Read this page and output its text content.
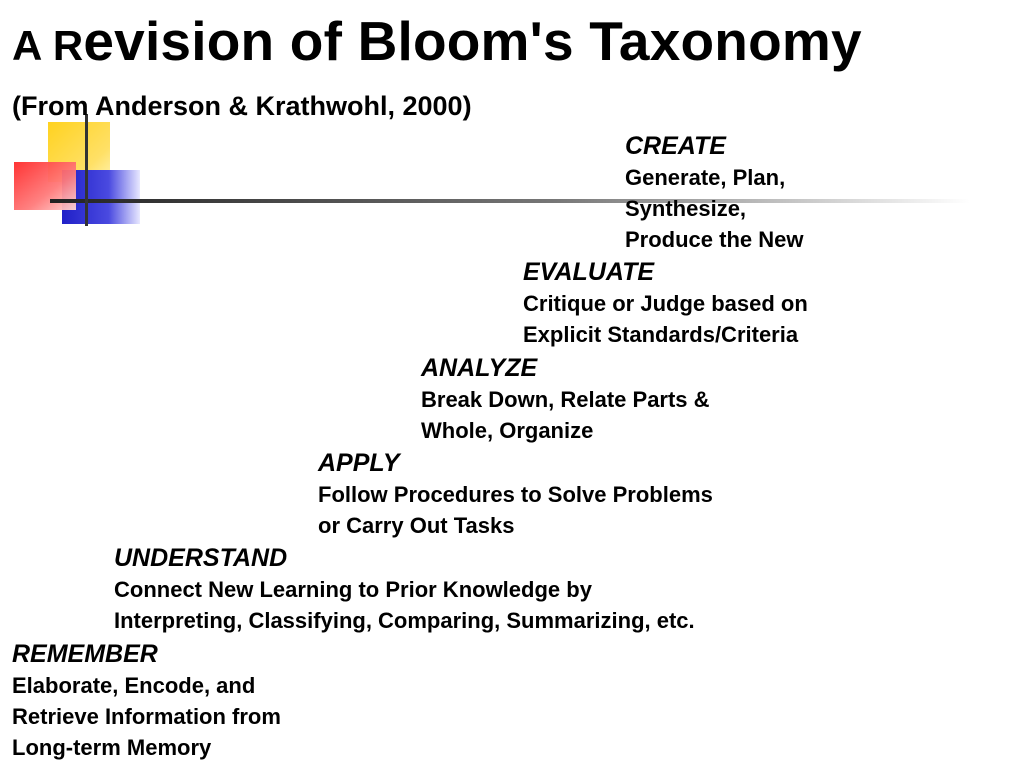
A Revision of Bloom's Taxonomy

(From Anderson & Krathwohl, 2000)

CREATE
Generate, Plan,
Synthesize,
Produce the New
EVALUATE
Critique or Judge based on
Explicit Standards/Criteria
ANALYZE
Break Down, Relate Parts &
Whole, Organize
APPLY
Follow Procedures to Solve Problems
or Carry Out Tasks
UNDERSTAND
Connect New Learning to Prior Knowledge by
Interpreting, Classifying, Comparing, Summarizing, etc.
REMEMBER
Elaborate, Encode, and
Retrieve Information from
Long-term Memory
